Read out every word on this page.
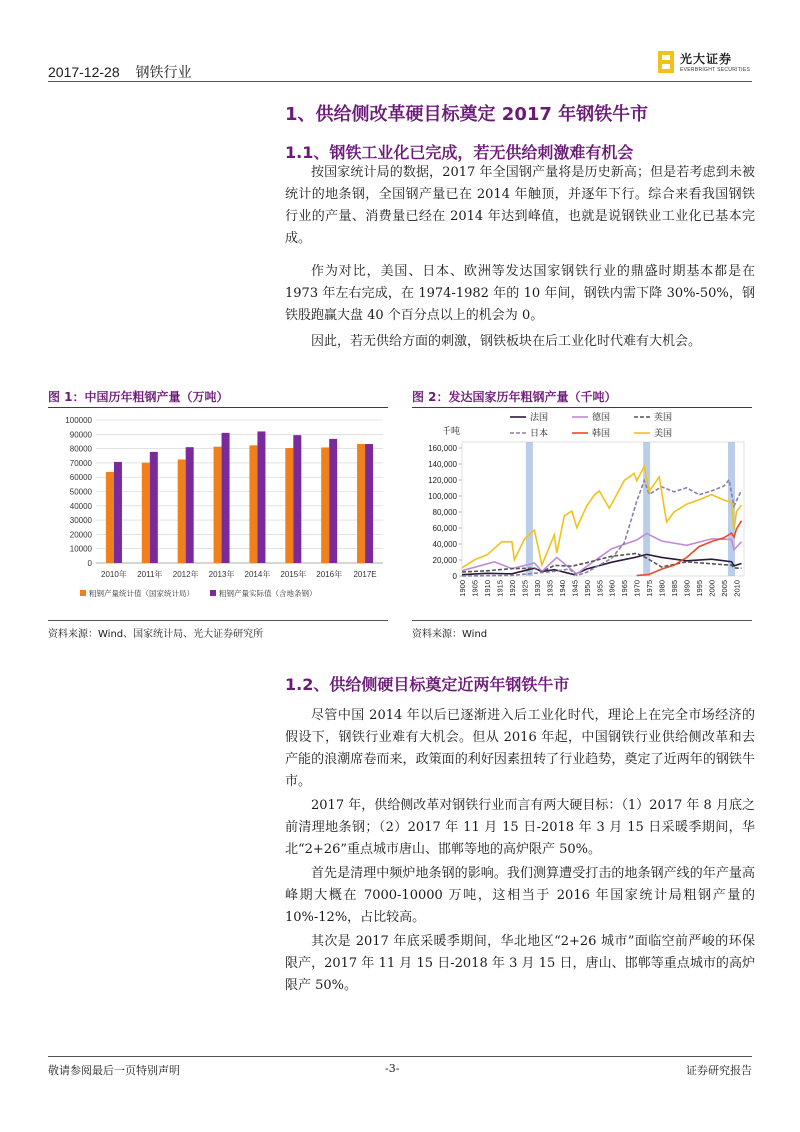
2017-12-28 钢铁行业
光大证券
EVERBRIGHT SECURITIES
1、供给侧改革硬目标奠定 2017 年钢铁牛市
1.1、钢铁工业化已完成，若无供给刺激难有机会

按国家统计局的数据，2017 年全国钢产量将是历史新高；但是若考虑到未被统计的地条钢，全国钢产量已在 2014 年触顶，并逐年下行。综合来看我国钢铁行业的产量、消费量已经在 2014 年达到峰值，也就是说钢铁业工业化已基本完成。

作为对比，美国、日本、欧洲等发达国家钢铁行业的鼎盛时期基本都是在 1973 年左右完成，在 1974-1982 年的 10 年间，钢铁内需下降 30%-50%，钢铁股跑赢大盘 40 个百分点以上的机会为 0。

因此，若无供给方面的刺激，钢铁板块在后工业化时代难有大机会。

图 1：中国历年粗钢产量（万吨）
0
10000
20000
30000
40000
50000
60000
70000
80000
90000
100000
2010年 2011年 2012年 2013年 2014年 2015年 2016年 2017E
粗钢产量统计值（国家统计局）	粗钢产量实际值（含地条钢）
资料来源：Wind、国家统计局、光大证券研究所
图 2：发达国家历年粗钢产量（千吨）
0
20,000
40,000
60,000
80,000
100,000
120,000
140,000
160,000
千吨
1900 1905 1910 1915 1920 1925 1930 1935 1940 1945 1950 1955 1960 1965 1970 1975 1980 1985 1990 1995 2000 2005 2010
法国	德国	英国
日本	韩国	美国
资料来源：Wind
1.2、供给侧硬目标奠定近两年钢铁牛市

尽管中国 2014 年以后已逐渐进入后工业化时代，理论上在完全市场经济的假设下，钢铁行业难有大机会。但从 2016 年起，中国钢铁行业供给侧改革和去产能的浪潮席卷而来，政策面的利好因素扭转了行业趋势，奠定了近两年的钢铁牛市。

2017 年，供给侧改革对钢铁行业而言有两大硬目标：（1）2017 年 8 月底之前清理地条钢；（2）2017 年 11 月 15 日-2018 年 3 月 15 日采暖季期间，华北“2+26”重点城市唐山、邯郸等地的高炉限产 50%。

首先是清理中频炉地条钢的影响。我们测算遭受打击的地条钢产线的年产量高峰期大概在 7000-10000 万吨，这相当于 2016 年国家统计局粗钢产量的 10%-12%，占比较高。

其次是 2017 年底采暖季期间，华北地区“2+26 城市”面临空前严峻的环保限产，2017 年 11 月 15 日-2018 年 3 月 15 日，唐山、邯郸等重点城市的高炉限产 50%。

敬请参阅最后一页特别声明	-3-	证券研究报告
